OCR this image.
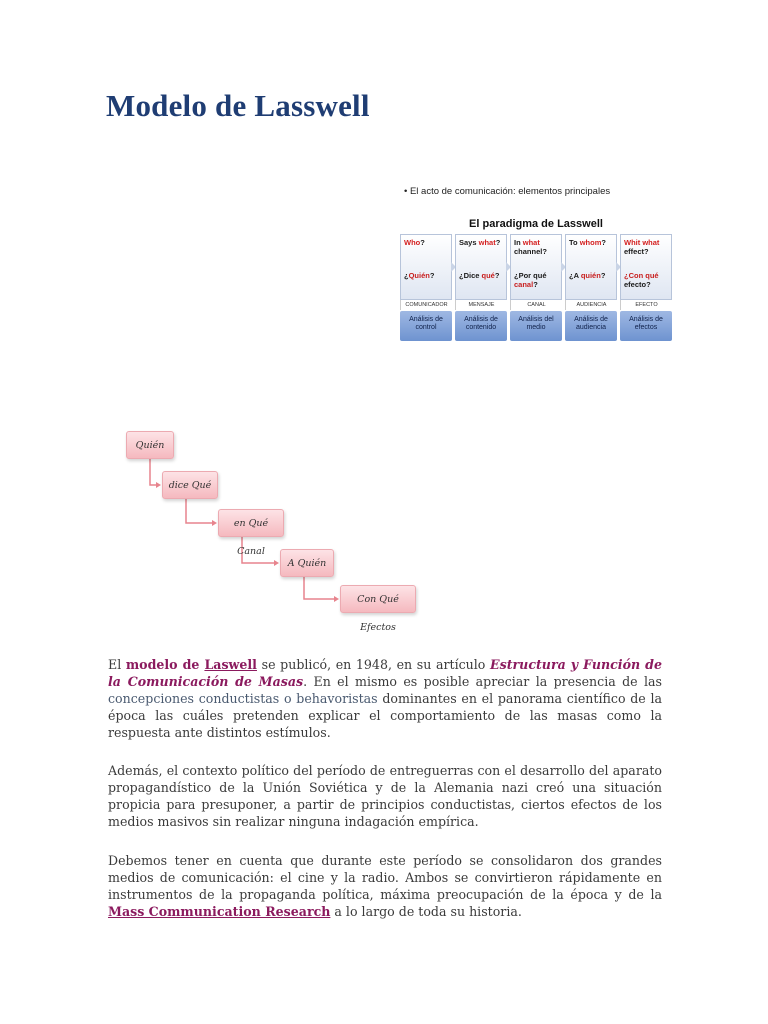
Modelo de Lasswell
• El acto de comunicación: elementos principales
El paradigma de Lasswell
Who?
¿Quién?
COMUNICADOR
Análisis de control
Says what?
¿Dice qué?
MENSAJE
Análisis de contenido
In what channel?
¿Por qué canal?
CANAL
Análisis del medio
To whom?
¿A quién?
AUDIENCIA
Análisis de audiencia
Whit what effect?
¿Con qué efecto?
EFECTO
Análisis de efectos
Quién
dice Qué
en Qué Canal
A Quién
Con Qué Efectos

El modelo de Laswell se publicó, en 1948, en su artículo Estructura y Función de la Comunicación de Masas. En el mismo es posible apreciar la presencia de las concepciones conductistas o behavoristas dominantes en el panorama científico de la época las cuáles pretenden explicar el comportamiento de las masas como la respuesta ante distintos estímulos.

Además, el contexto político del período de entreguerras con el desarrollo del aparato propagandístico de la Unión Soviética y de la Alemania nazi creó una situación propicia para presuponer, a partir de principios conductistas, ciertos efectos de los medios masivos sin realizar ninguna indagación empírica.

Debemos tener en cuenta que durante este período se consolidaron dos grandes medios de comunicación: el cine y la radio. Ambos se convirtieron rápidamente en instrumentos de la propaganda política, máxima preocupación de la época y de la Mass Communication Research a lo largo de toda su historia.
